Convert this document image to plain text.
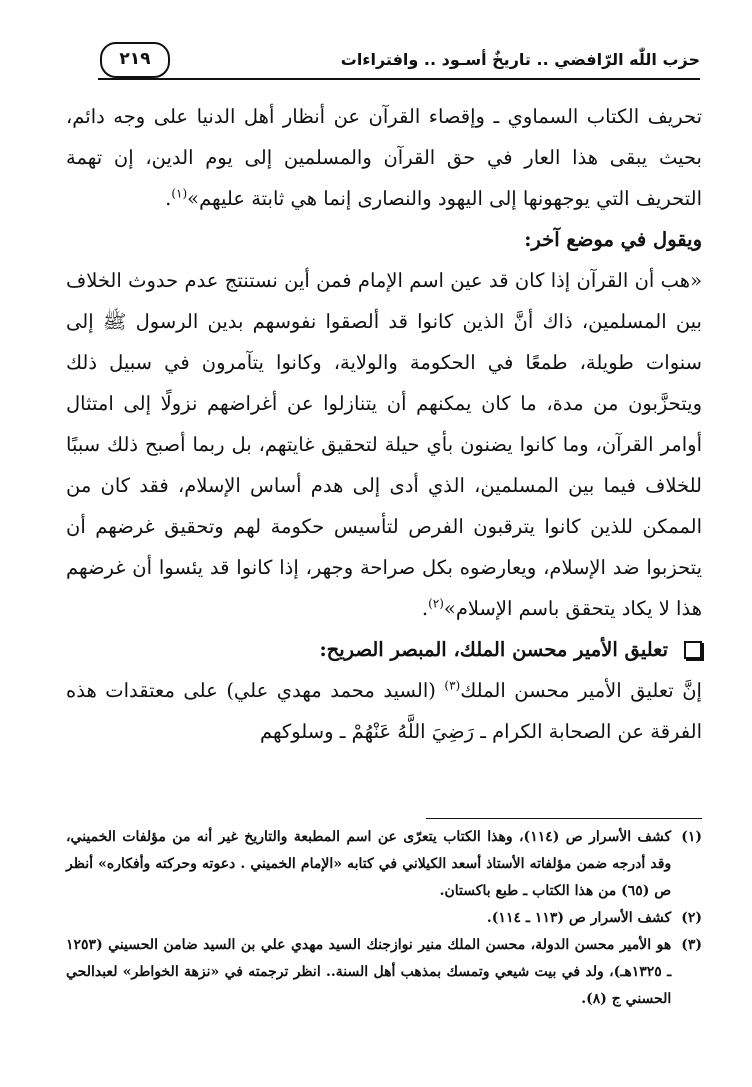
حزب اللّٰه الرّافضي .. تاريخٌ أسـود .. وافتراءات
٢١٩

تحريف الكتاب السماوي ـ وإقصاء القرآن عن أنظار أهل الدنيا على وجه دائم، بحيث يبقى هذا العار في حق القرآن والمسلمين إلى يوم الدين، إن تهمة التحريف التي يوجهونها إلى اليهود والنصارى إنما هي ثابتة عليهم»$^{(١)}$.

ويقول في موضع آخر:

«هب أن القرآن إذا كان قد عين اسم الإمام فمن أين نستنتج عدم حدوث الخلاف بين المسلمين، ذاك أنَّ الذين كانوا قد ألصقوا نفوسهم بدين الرسول ﷺ إلى سنوات طويلة، طمعًا في الحكومة والولاية، وكانوا يتآمرون في سبيل ذلك ويتحزَّبون من مدة، ما كان يمكنهم أن يتنازلوا عن أغراضهم نزولًا إلى امتثال أوامر القرآن، وما كانوا يضنون بأي حيلة لتحقيق غايتهم، بل ربما أصبح ذلك سببًا للخلاف فيما بين المسلمين، الذي أدى إلى هدم أساس الإسلام، فقد كان من الممكن للذين كانوا يترقبون الفرص لتأسيس حكومة لهم وتحقيق غرضهم أن يتحزبوا ضد الإسلام، ويعارضوه بكل صراحة وجهر، إذا كانوا قد يئسوا أن غرضهم هذا لا يكاد يتحقق باسم الإسلام»$^{(٢)}$.

تعليق الأمير محسن الملك، المبصر الصريح:

إنَّ تعليق الأمير محسن الملك$^{(٣)}$ (السيد محمد مهدي علي) على معتقدات هذه الفرقة عن الصحابة الكرام ـ رَضِيَ اللَّهُ عَنْهُمْ ـ وسلوكهم

(١)
كشف الأسرار ص (١١٤)، وهذا الكتاب يتعرّى عن اسم المطبعة والتاريخ غير أنه من مؤلفات الخميني، وقد أدرجه ضمن مؤلفاته الأستاذ أسعد الكيلاني في كتابه «الإمام الخميني . دعوته وحركته وأفكاره» أنظر ص (٦٥) من هذا الكتاب ـ طبع باكستان.
(٢)
كشف الأسرار ص (١١٣ ـ ١١٤).
(٣)
هو الأمير محسن الدولة، محسن الملك منير نوازجنك السيد مهدي علي بن السيد ضامن الحسيني (١٢٥٣ ـ ١٣٢٥هـ)، ولد في بيت شيعي وتمسك بمذهب أهل السنة.. انظر ترجمته في «نزهة الخواطر» لعبدالحي الحسني ج (٨).
